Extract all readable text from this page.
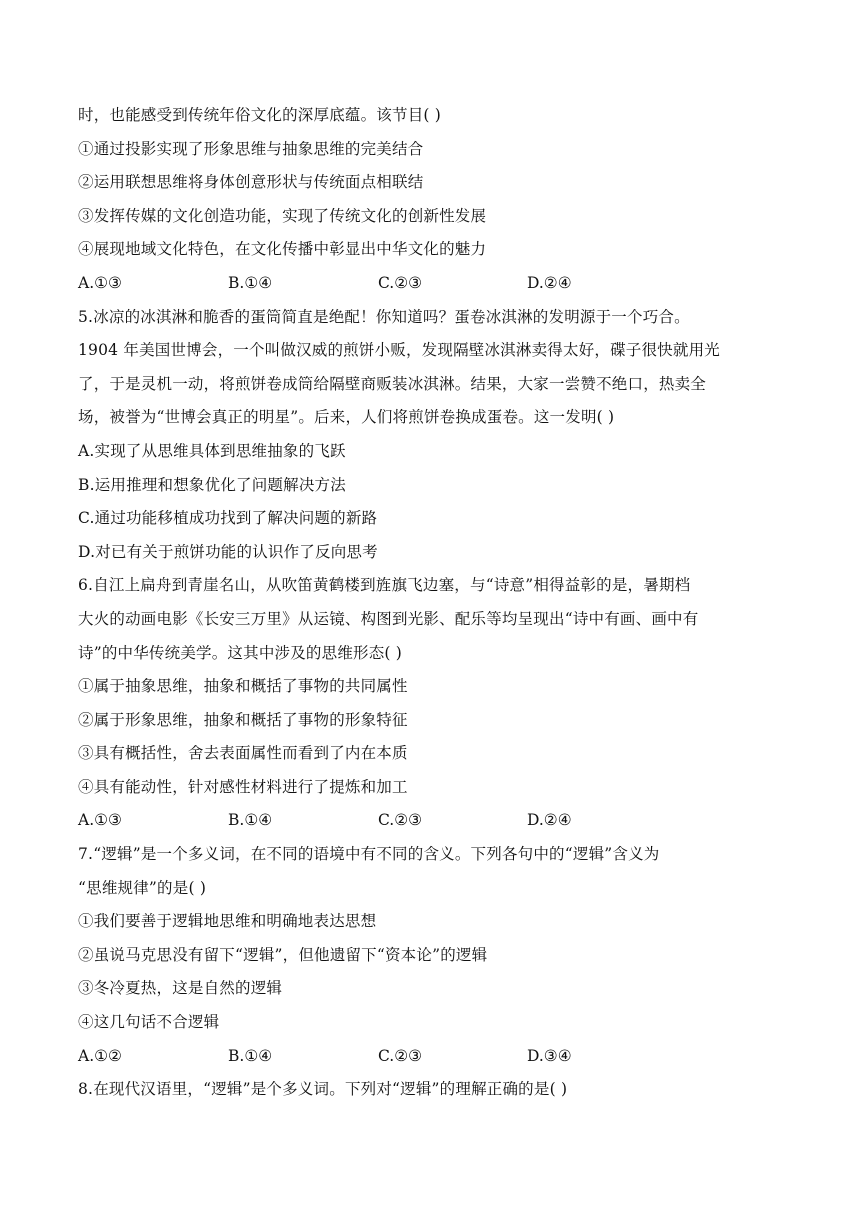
时，也能感受到传统年俗文化的深厚底蕴。该节目( )
①通过投影实现了形象思维与抽象思维的完美结合
②运用联想思维将身体创意形状与传统面点相联结
③发挥传媒的文化创造功能，实现了传统文化的创新性发展
④展现地域文化特色，在文化传播中彰显出中华文化的魅力
A.①③	B.①④	C.②③	D.②④
5.冰凉的冰淇淋和脆香的蛋筒简直是绝配！你知道吗？蛋卷冰淇淋的发明源于一个巧合。
1904 年美国世博会，一个叫做汉威的煎饼小贩，发现隔壁冰淇淋卖得太好，碟子很快就用光
了，于是灵机一动，将煎饼卷成筒给隔壁商贩装冰淇淋。结果，大家一尝赞不绝口，热卖全
场，被誉为“世博会真正的明星”。后来，人们将煎饼卷换成蛋卷。这一发明( )
A.实现了从思维具体到思维抽象的飞跃
B.运用推理和想象优化了问题解决方法
C.通过功能移植成功找到了解决问题的新路
D.对已有关于煎饼功能的认识作了反向思考
6.自江上扁舟到青崖名山，从吹笛黄鹤楼到旌旗飞边塞，与“诗意”相得益彰的是，暑期档
大火的动画电影《长安三万里》从运镜、构图到光影、配乐等均呈现出“诗中有画、画中有
诗”的中华传统美学。这其中涉及的思维形态( )
①属于抽象思维，抽象和概括了事物的共同属性
②属于形象思维，抽象和概括了事物的形象特征
③具有概括性，舍去表面属性而看到了内在本质
④具有能动性，针对感性材料进行了提炼和加工
A.①③	B.①④	C.②③	D.②④
7.“逻辑”是一个多义词，在不同的语境中有不同的含义。下列各句中的“逻辑”含义为
“思维规律”的是( )
①我们要善于逻辑地思维和明确地表达思想
②虽说马克思没有留下“逻辑”，但他遗留下“资本论”的逻辑
③冬冷夏热，这是自然的逻辑
④这几句话不合逻辑
A.①②	B.①④	C.②③	D.③④
8.在现代汉语里，“逻辑”是个多义词。下列对“逻辑”的理解正确的是( )
